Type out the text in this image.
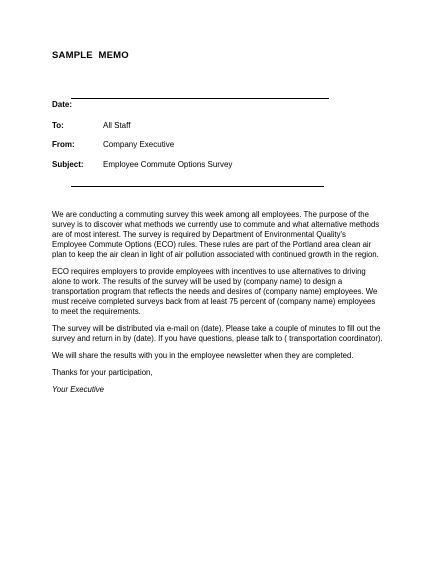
SAMPLE  MEMO
Date:
To:	All Staff
From:	Company Executive
Subject: Employee Commute Options Survey

We are conducting a commuting survey this week among all employees. The purpose of the
survey is to discover what methods we currently use to commute and what alternative methods
are of most interest. The survey is required by Department of Environmental Quality's
Employee Commute Options (ECO) rules. These rules are part of the Portland area clean air
plan to keep the air clean in light of air pollution associated with continued growth in the region.

ECO requires employers to provide employees with incentives to use alternatives to driving
alone to work. The results of the survey will be used by (company name) to design a
transportation program that reflects the needs and desires of (company name) employees. We
must receive completed surveys back from at least 75 percent of (company name) employees
to meet the requirements.

The survey will be distributed via e-mail on (date). Please take a couple of minutes to fill out the
survey and return in by (date). If you have questions, please talk to ( transportation coordinator).

We will share the results with you in the employee newsletter when they are completed.

Thanks for your participation,

Your Executive
